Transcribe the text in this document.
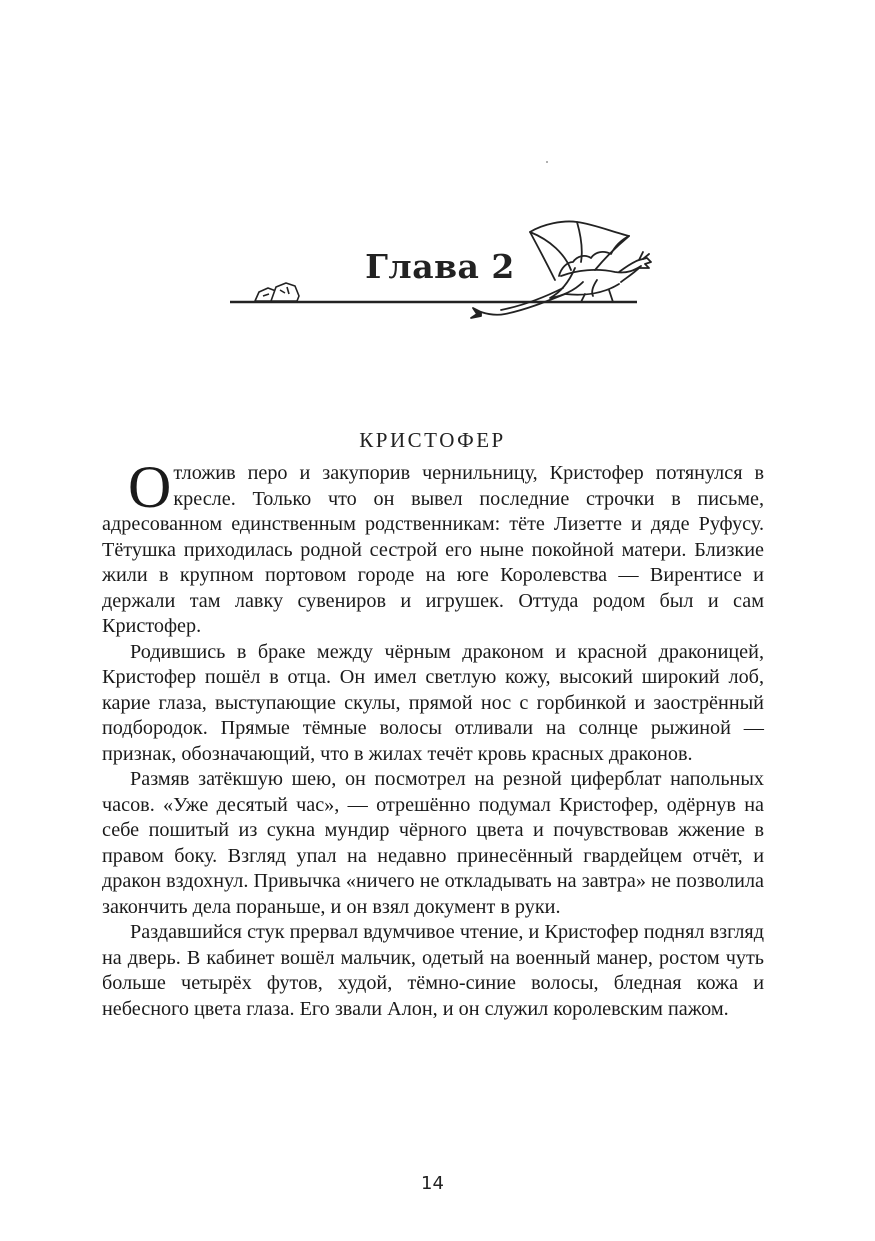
Глава 2
КРИСТОФЕР

Отложив перо и закупорив чернильницу, Кристофер потянулся в кресле. Только что он вывел последние строчки в письме, адресованном единственным родственникам: тёте Лизетте и дяде Руфусу. Тётушка приходилась родной сестрой его ныне покойной матери. Близкие жили в крупном портовом городе на юге Королевства — Вирентисе и держали там лавку сувениров и игрушек. Оттуда родом был и сам Кристофер.

Родившись в браке между чёрным драконом и красной драконицей, Кристофер пошёл в отца. Он имел светлую кожу, высокий широкий лоб, карие глаза, выступающие скулы, прямой нос с горбинкой и заострённый подбородок. Прямые тёмные волосы отливали на солнце рыжиной — признак, обозначающий, что в жилах течёт кровь красных драконов.

Размяв затёкшую шею, он посмотрел на резной циферблат напольных часов. «Уже десятый час», — отрешённо подумал Кристофер, одёрнув на себе пошитый из сукна мундир чёрного цвета и почувствовав жжение в правом боку. Взгляд упал на недавно принесённый гвардейцем отчёт, и дракон вздохнул. Привычка «ничего не откладывать на завтра» не позволила закончить дела пораньше, и он взял документ в руки.

Раздавшийся стук прервал вдумчивое чтение, и Кристофер поднял взгляд на дверь. В кабинет вошёл мальчик, одетый на военный манер, ростом чуть больше четырёх футов, худой, тёмно-синие волосы, бледная кожа и небесного цвета глаза. Его звали Алон, и он служил королевским пажом.

14
